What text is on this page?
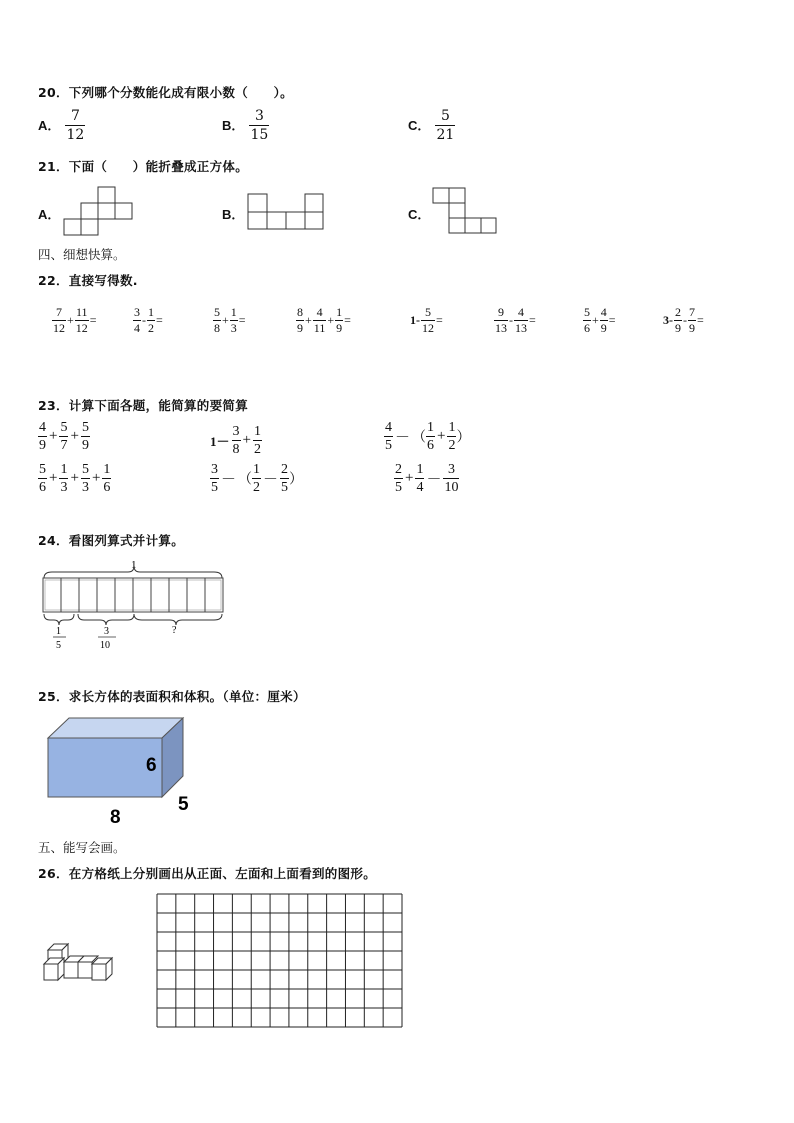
20．下列哪个分数能化成有限小数（　　）。
A． $\frac{7}{12}$	B． $\frac{3}{15}$	C． $\frac{5}{21}$
21．下面（　　）能折叠成正方体。
A．	B．	C．
四、细想快算。
22．直接写得数.
$\frac{7}{12} + \frac{11}{12}$ =	$\frac{3}{4} - \frac{1}{2}$ =	$\frac{5}{8} + \frac{1}{3}$ =	$\frac{8}{9} + \frac{4}{11} + \frac{1}{9}$ =	$1- \frac{5}{12}$ =	$\frac{9}{13} - \frac{4}{13}$ =	$\frac{5}{6} + \frac{4}{9}$ =	$3- \frac{2}{9} - \frac{7}{9}$ =
23．计算下面各题，能简算的要简算
$\frac{4}{9} + \frac{5}{7} + \frac{5}{9}$	$1- \frac{3}{8} + \frac{1}{2}$	$\frac{4}{5}$ － （ $\frac{1}{6} + \frac{1}{2}$ ）
$\frac{5}{6} + \frac{1}{3} + \frac{5}{3} + \frac{1}{6}$	$\frac{3}{5}$ － （ $\frac{1}{2} - \frac{2}{5}$ ）	$\frac{2}{5} + \frac{1}{4} - \frac{3}{10}$
24．看图列算式并计算。
1
1
5
3
10
?
25．求长方体的表面积和体积。（单位：厘米）
6
8
5
五、能写会画。
26．在方格纸上分别画出从正面、左面和上面看到的图形。
